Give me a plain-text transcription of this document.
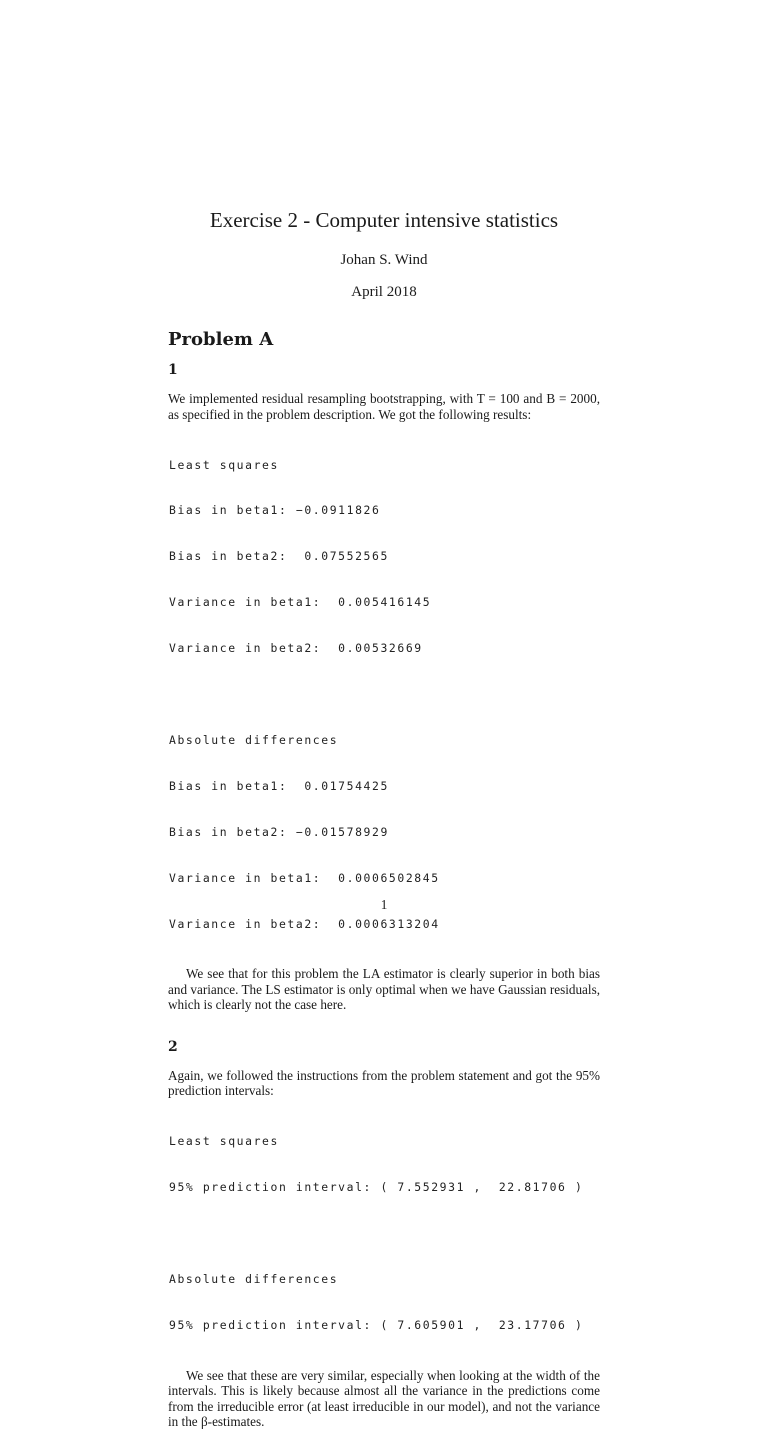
Exercise 2 - Computer intensive statistics
Johan S. Wind
April 2018
Problem A
1

We implemented residual resampling bootstrapping, with T = 100 and B = 2000, as specified in the problem description. We got the following results:

Least squares

Bias in beta1: −0.0911826

Bias in beta2:  0.07552565

Variance in beta1:  0.005416145

Variance in beta2:  0.00532669

Absolute differences

Bias in beta1:  0.01754425

Bias in beta2: −0.01578929

Variance in beta1:  0.0006502845

Variance in beta2:  0.0006313204

We see that for this problem the LA estimator is clearly superior in both bias and variance. The LS estimator is only optimal when we have Gaussian residuals, which is clearly not the case here.

2

Again, we followed the instructions from the problem statement and got the 95% prediction intervals:

Least squares

95% prediction interval: ( 7.552931 ,  22.81706 )

Absolute differences

95% prediction interval: ( 7.605901 ,  23.17706 )

We see that these are very similar, especially when looking at the width of the intervals. This is likely because almost all the variance in the predictions come from the irreducible error (at least irreducible in our model), and not the variance in the β-estimates.

1
